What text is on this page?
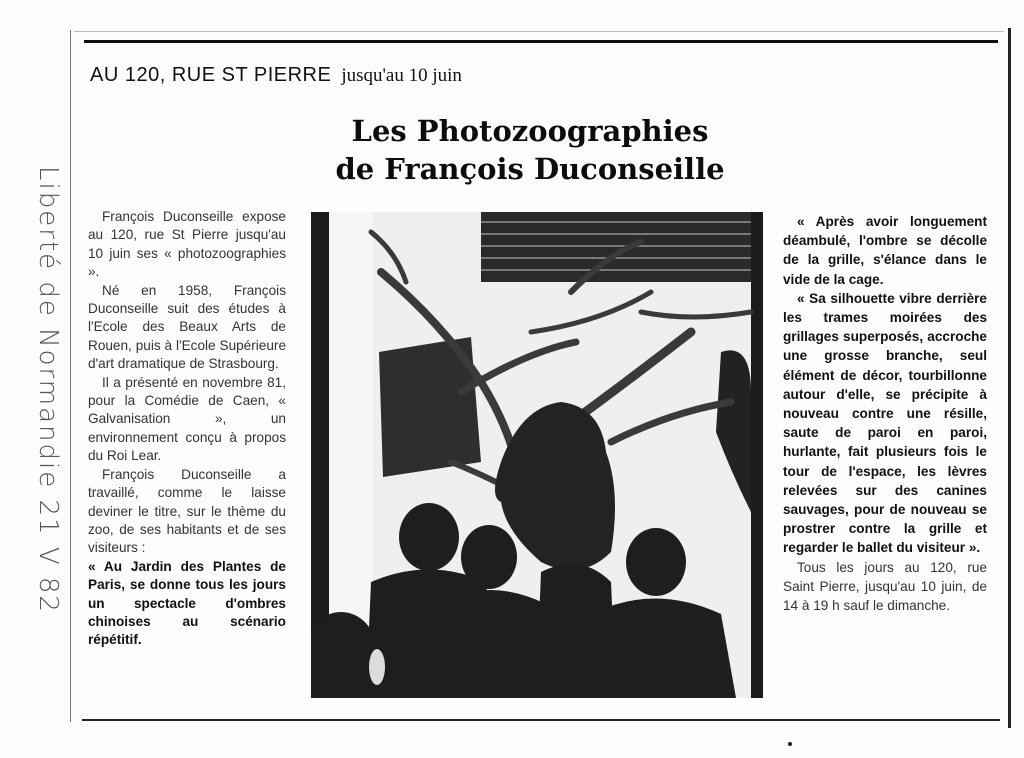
Liberté de Normandie 21 V 82
AU 120, RUE ST PIERRE jusqu'au 10 juin
Les Photozoographies
de François Duconseille

François Duconseille expose au 120, rue St Pierre jusqu'au 10 juin ses « photozoographies ».

Né en 1958, François Duconseille suit des études à l'Ecole des Beaux Arts de Rouen, puis à l'Ecole Supérieure d'art dramatique de Strasbourg.

Il a présenté en novembre 81, pour la Comédie de Caen, « Galvanisation », un environnement conçu à propos du Roi Lear.

François Duconseille a travaillé, comme le laisse deviner le titre, sur le thème du zoo, de ses habitants et de ses visiteurs :

« Au Jardin des Plantes de Paris, se donne tous les jours un spectacle d'ombres chinoises au scénario répétitif.

« Après avoir longuement déambulé, l'ombre se décolle de la grille, s'élance dans le vide de la cage.

« Sa silhouette vibre derrière les trames moirées des grillages superposés, accroche une grosse branche, seul élément de décor, tourbillonne autour d'elle, se précipite à nouveau contre une résille, saute de paroi en paroi, hurlante, fait plusieurs fois le tour de l'espace, les lèvres relevées sur des canines sauvages, pour de nouveau se prostrer contre la grille et regarder le ballet du visiteur ».

Tous les jours au 120, rue Saint Pierre, jusqu'au 10 juin, de 14 à 19 h sauf le dimanche.
